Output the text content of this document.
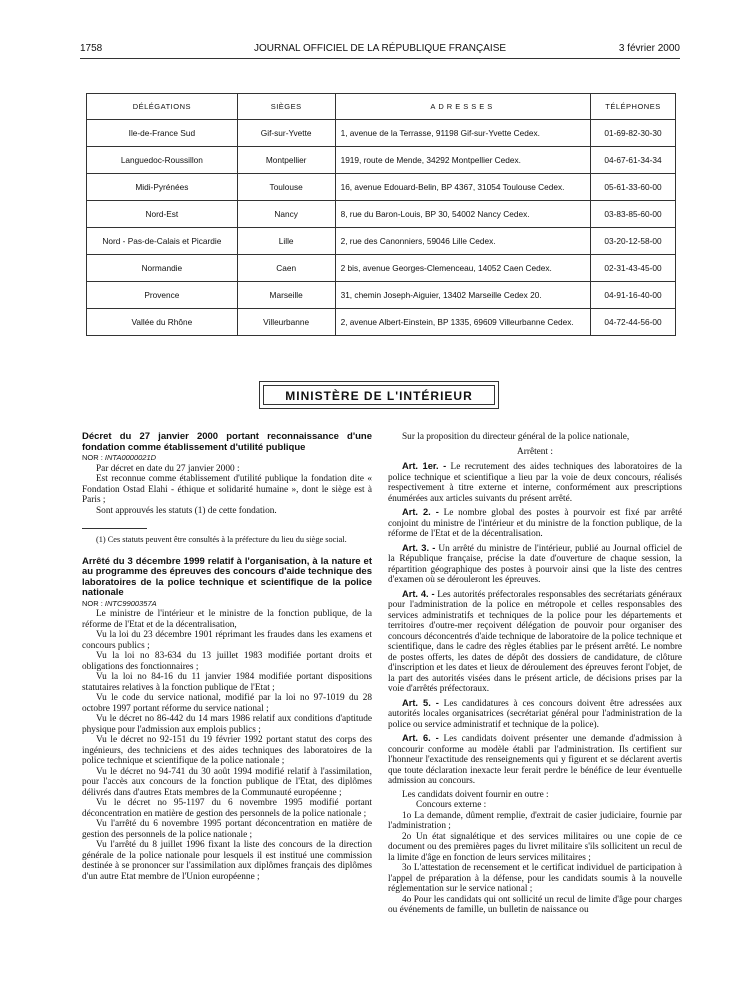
1758	JOURNAL OFFICIEL DE LA RÉPUBLIQUE FRANÇAISE	3 février 2000
DÉLÉGATIONS	SIÈGES	ADRESSES	TÉLÉPHONES
Ile-de-France Sud	Gif-sur-Yvette	1, avenue de la Terrasse, 91198 Gif-sur-Yvette Cedex.	01-69-82-30-30
Languedoc-Roussillon	Montpellier	1919, route de Mende, 34292 Montpellier Cedex.	04-67-61-34-34
Midi-Pyrénées	Toulouse	16, avenue Edouard-Belin, BP 4367, 31054 Toulouse Cedex.	05-61-33-60-00
Nord-Est	Nancy	8, rue du Baron-Louis, BP 30, 54002 Nancy Cedex.	03-83-85-60-00
Nord - Pas-de-Calais et Picardie	Lille	2, rue des Canonniers, 59046 Lille Cedex.	03-20-12-58-00
Normandie	Caen	2 bis, avenue Georges-Clemenceau, 14052 Caen Cedex.	02-31-43-45-00
Provence	Marseille	31, chemin Joseph-Aiguier, 13402 Marseille Cedex 20.	04-91-16-40-00
Vallée du Rhône	Villeurbanne	2, avenue Albert-Einstein, BP 1335, 69609 Villeurbanne Cedex.	04-72-44-56-00
MINISTÈRE DE L'INTÉRIEUR

Décret du 27 janvier 2000 portant reconnaissance d'une fondation comme établissement d'utilité publique

NOR : INTA0000021D

Par décret en date du 27 janvier 2000 :

Est reconnue comme établissement d'utilité publique la fondation dite « Fondation Ostad Elahi - éthique et solidarité humaine », dont le siège est à Paris ;

Sont approuvés les statuts (1) de cette fondation.

(1) Ces statuts peuvent être consultés à la préfecture du lieu du siège social.

Arrêté du 3 décembre 1999 relatif à l'organisation, à la nature et au programme des épreuves des concours d'aide technique des laboratoires de la police technique et scientifique de la police nationale

NOR : INTC9900357A

Le ministre de l'intérieur et le ministre de la fonction publique, de la réforme de l'Etat et de la décentralisation,

Vu la loi du 23 décembre 1901 réprimant les fraudes dans les examens et concours publics ;

Vu la loi no 83-634 du 13 juillet 1983 modifiée portant droits et obligations des fonctionnaires ;

Vu la loi no 84-16 du 11 janvier 1984 modifiée portant dispositions statutaires relatives à la fonction publique de l'Etat ;

Vu le code du service national, modifié par la loi no 97-1019 du 28 octobre 1997 portant réforme du service national ;

Vu le décret no 86-442 du 14 mars 1986 relatif aux conditions d'aptitude physique pour l'admission aux emplois publics ;

Vu le décret no 92-151 du 19 février 1992 portant statut des corps des ingénieurs, des techniciens et des aides techniques des laboratoires de la police technique et scientifique de la police nationale ;

Vu le décret no 94-741 du 30 août 1994 modifié relatif à l'assimilation, pour l'accès aux concours de la fonction publique de l'Etat, des diplômes délivrés dans d'autres Etats membres de la Communauté européenne ;

Vu le décret no 95-1197 du 6 novembre 1995 modifié portant déconcentration en matière de gestion des personnels de la police nationale ;

Vu l'arrêté du 6 novembre 1995 portant déconcentration en matière de gestion des personnels de la police nationale ;

Vu l'arrêté du 8 juillet 1996 fixant la liste des concours de la direction générale de la police nationale pour lesquels il est institué une commission destinée à se prononcer sur l'assimilation aux diplômes français des diplômes d'un autre Etat membre de l'Union européenne ;

Sur la proposition du directeur général de la police nationale,

Arrêtent :

Art. 1er. - Le recrutement des aides techniques des laboratoires de la police technique et scientifique a lieu par la voie de deux concours, réalisés respectivement à titre externe et interne, conformément aux prescriptions énumérées aux articles suivants du présent arrêté.

Art. 2. - Le nombre global des postes à pourvoir est fixé par arrêté conjoint du ministre de l'intérieur et du ministre de la fonction publique, de la réforme de l'Etat et de la décentralisation.

Art. 3. - Un arrêté du ministre de l'intérieur, publié au Journal officiel de la République française, précise la date d'ouverture de chaque session, la répartition géographique des postes à pourvoir ainsi que la liste des centres d'examen où se dérouleront les épreuves.

Art. 4. - Les autorités préfectorales responsables des secrétariats généraux pour l'administration de la police en métropole et celles responsables des services administratifs et techniques de la police pour les départements et territoires d'outre-mer reçoivent délégation de pouvoir pour organiser des concours déconcentrés d'aide technique de laboratoire de la police technique et scientifique, dans le cadre des règles établies par le présent arrêté. Le nombre de postes offerts, les dates de dépôt des dossiers de candidature, de clôture d'inscription et les dates et lieux de déroulement des épreuves feront l'objet, de la part des autorités visées dans le présent article, de décisions prises par la voie d'arrêtés préfectoraux.

Art. 5. - Les candidatures à ces concours doivent être adressées aux autorités locales organisatrices (secrétariat général pour l'administration de la police ou service administratif et technique de la police).

Art. 6. - Les candidats doivent présenter une demande d'admission à concourir conforme au modèle établi par l'administration. Ils certifient sur l'honneur l'exactitude des renseignements qui y figurent et se déclarent avertis que toute déclaration inexacte leur ferait perdre le bénéfice de leur éventuelle admission au concours.

Les candidats doivent fournir en outre :

Concours externe :

1o La demande, dûment remplie, d'extrait de casier judiciaire, fournie par l'administration ;

2o Un état signalétique et des services militaires ou une copie de ce document ou des premières pages du livret militaire s'ils sollicitent un recul de la limite d'âge en fonction de leurs services militaires ;

3o L'attestation de recensement et le certificat individuel de participation à l'appel de préparation à la défense, pour les candidats soumis à la nouvelle réglementation sur le service national ;

4o Pour les candidats qui ont sollicité un recul de limite d'âge pour charges ou événements de famille, un bulletin de naissance ou
